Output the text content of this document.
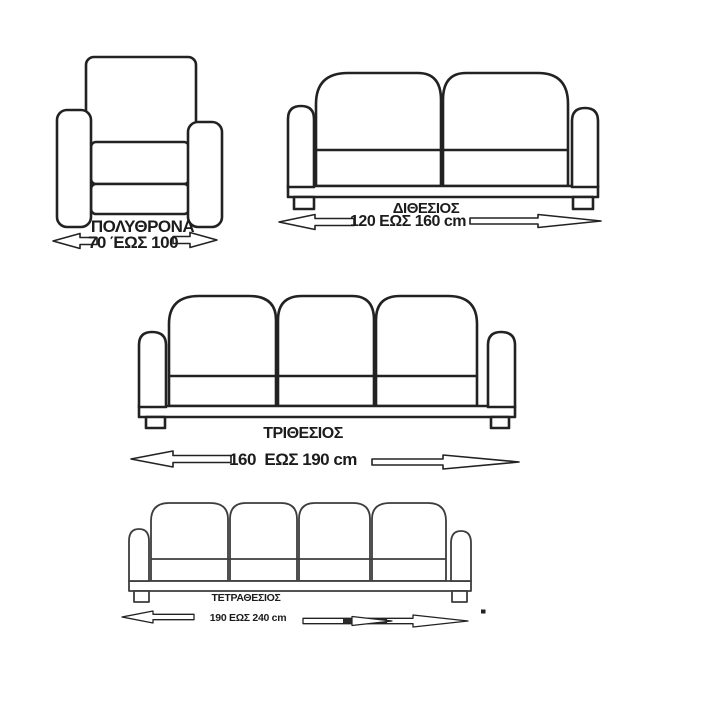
ΠΟΛΥΘΡΟΝΑ
70 ΈΩΣ 100
ΔΙΘΕΣΙΟΣ
120 ΕΩΣ 160 cm
ΤΡΙΘΕΣΙΟΣ
160  ΕΩΣ 190 cm
ΤΕΤΡΑΘΕΣΙΟΣ
190 ΕΩΣ 240 cm
